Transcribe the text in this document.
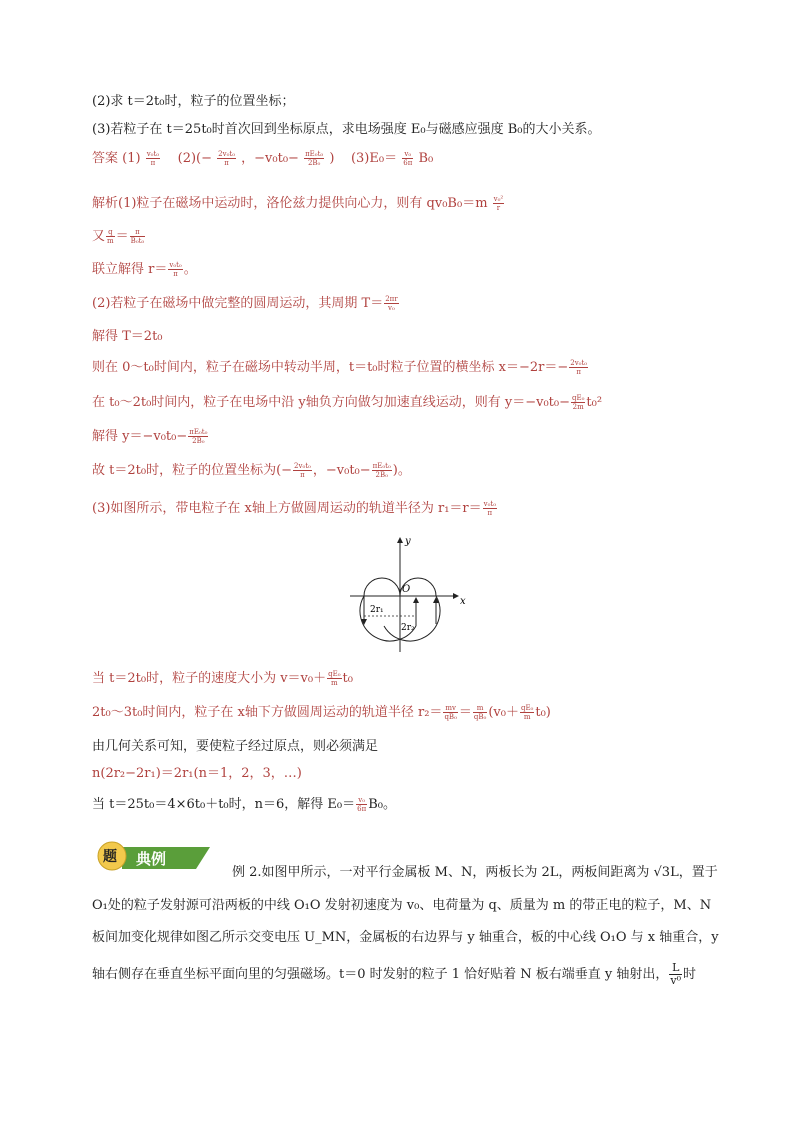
(2)求 t＝2t₀时，粒子的位置坐标；
(3)若粒子在 t＝25t₀时首次回到坐标原点，求电场强度 E₀与磁感应强度 B₀的大小关系。
答案 $(1) \frac{\text{v₀t₀}}{\pi} (2)(- \frac{\text{2v₀t₀}}{\pi}$ ，$-v_0t_0- \frac{\text{πE₀t₀}}{\text{2B₀}}$ ) $(3)E_0= \frac{\text{v₀}}{6\pi} B_0$
解析(1)粒子在磁场中运动时，洛伦兹力提供向心力，则有 $qv_0B_0=m \frac{\text{v₀²}}{r}$
又 $\frac{q}{m} = \frac{\pi}{\text{B₀t₀}}$
联立解得 $r= \frac{\text{v₀t₀}}{\pi}$ 。
(2)若粒子在磁场中做完整的圆周运动，其周期 $T= \frac{2\pi r}{\text{v₀}}$
解得 T＝2t₀
则在 0～t₀时间内，粒子在磁场中转动半周，t＝t₀时粒子位置的横坐标 $x=-2r=- \frac{\text{2v₀t₀}}{\pi}$
在 t₀～2t₀时间内，粒子在电场中沿 y轴负方向做匀加速直线运动，则有 $y=-v_0t_0- \frac{\text{qE₀}}{2m} t_0^2$
解得 $y=-v_0t_0- \frac{\text{πE₀t₀}}{\text{2B₀}}$
故 t＝2t₀时，粒子的位置坐标为(− $\frac{\text{2v₀t₀}}{\pi}$ ，$-v_0t_0- \frac{\text{πE₀t₀}}{\text{2B₀}}$ )。
(3)如图所示，带电粒子在 x轴上方做圆周运动的轨道半径为 $r_1=r= \frac{\text{v₀t₀}}{\pi}$
y
x
O
2r₁
2r₂
当 t＝2t₀时，粒子的速度大小为 $v=v_0+ \frac{\text{qE₀}}{m} t_0$
2t₀～3t₀时间内，粒子在 x轴下方做圆周运动的轨道半径 $r_2= \frac{mv}{\text{qB₀}} = \frac{m}{\text{qB₀}} (v_0+ \frac{\text{qE₀}}{m} t_0)$
由几何关系可知，要使粒子经过原点，则必须满足
n(2r₂−2r₁)＝2r₁(n＝1，2，3，…)
当 t＝25t₀＝4×6t₀＋t₀时，n＝6，解得 $E_0= \frac{\text{v₀}}{6\pi} B_0$。
题 典例
例 2.如图甲所示，一对平行金属板 M、N，两板长为 2L，两板间距离为 √3L，置于
O₁处的粒子发射源可沿两板的中线 O₁O 发射初速度为 v₀、电荷量为 q、质量为 m 的带正电的粒子，M、N
板间加变化规律如图乙所示交变电压 U_MN，金属板的右边界与 y 轴重合，板的中心线 O₁O 与 x 轴重合，y
轴右侧存在垂直坐标平面向里的匀强磁场。t＝0 时发射的粒子 1 恰好贴着 N 板右端垂直 y 轴射出， $\frac{L}{\text{v⁰}}$ 时
